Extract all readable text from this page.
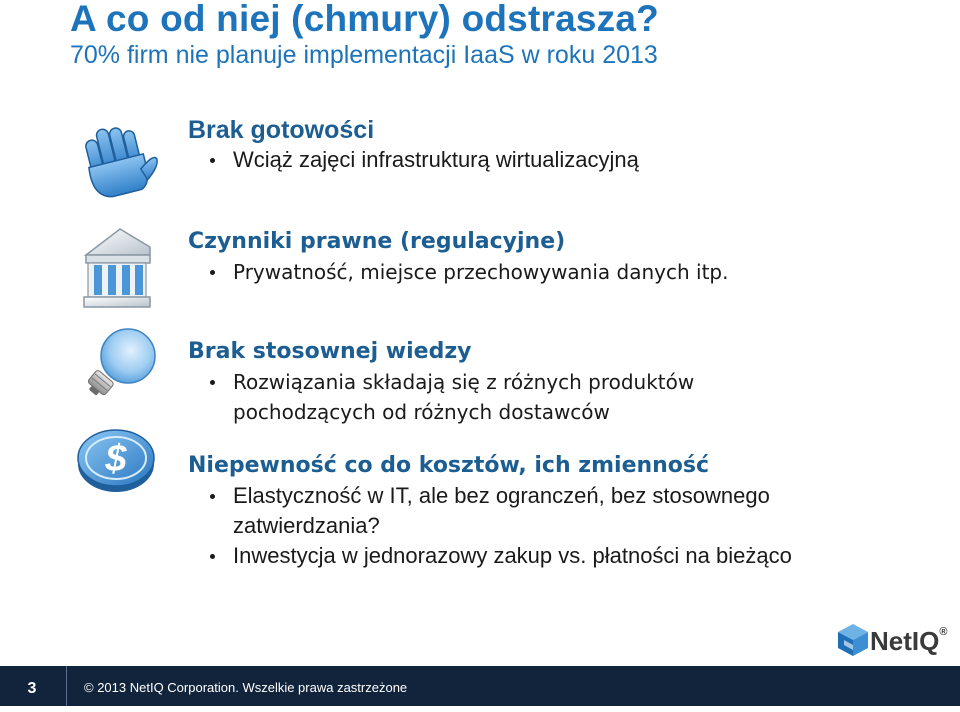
A co od niej (chmury) odstrasza?
70% firm nie planuje implementacji IaaS w roku 2013
Brak gotowości
Wciąż zajęci infrastrukturą wirtualizacyjną
Czynniki prawne (regulacyjne)
Prywatność, miejsce przechowywania danych itp.
Brak stosownej wiedzy
Rozwiązania składają się z różnych produktów
pochodzących od różnych dostawców
$	Niepewność co do kosztów, ich zmienność
Elastyczność w IT, ale bez ogranczeń, bez stosownego
zatwierdzania?
Inwestycja w jednorazowy zakup vs. płatności na bieżąco
NetIQ®
3	© 2013 NetIQ Corporation. Wszelkie prawa zastrzeżone
